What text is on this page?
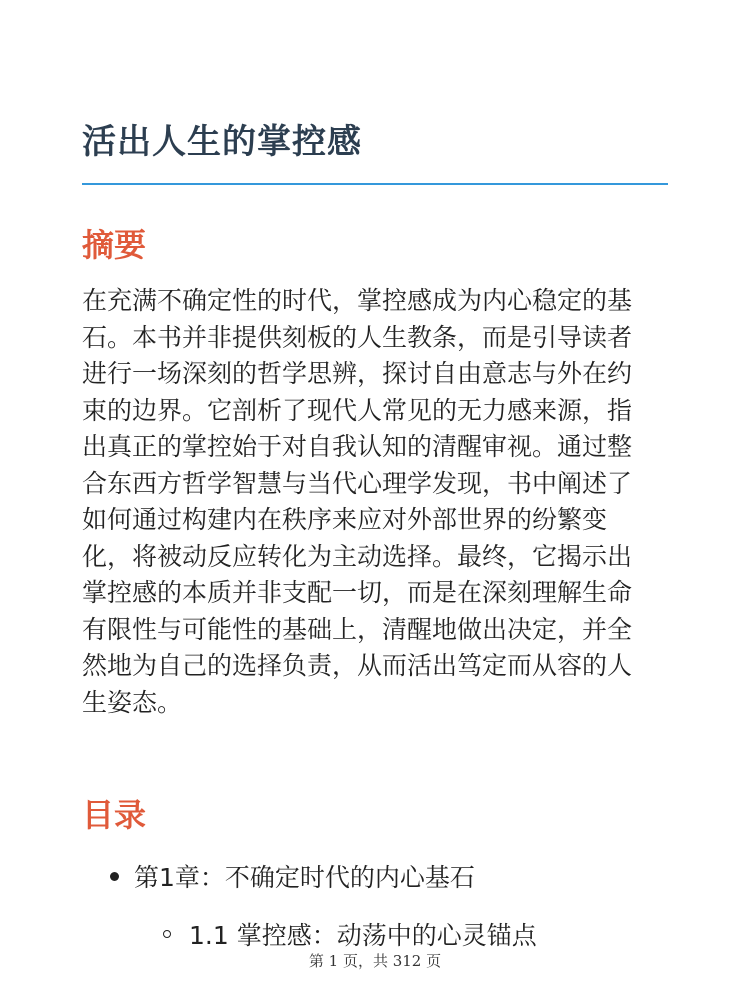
活出人生的掌控感
摘要
在充满不确定性的时代，掌控感成为内心稳定的基
石。本书并非提供刻板的人生教条，而是引导读者
进行一场深刻的哲学思辨，探讨自由意志与外在约
束的边界。它剖析了现代人常见的无力感来源，指
出真正的掌控始于对自我认知的清醒审视。通过整
合东西方哲学智慧与当代心理学发现，书中阐述了
如何通过构建内在秩序来应对外部世界的纷繁变
化，将被动反应转化为主动选择。最终，它揭示出
掌控感的本质并非支配一切，而是在深刻理解生命
有限性与可能性的基础上，清醒地做出决定，并全
然地为自己的选择负责，从而活出笃定而从容的人
生姿态。
目录
第1章：不确定时代的内心基石
1.1 掌控感：动荡中的心灵锚点
第 1 页，共 312 页
